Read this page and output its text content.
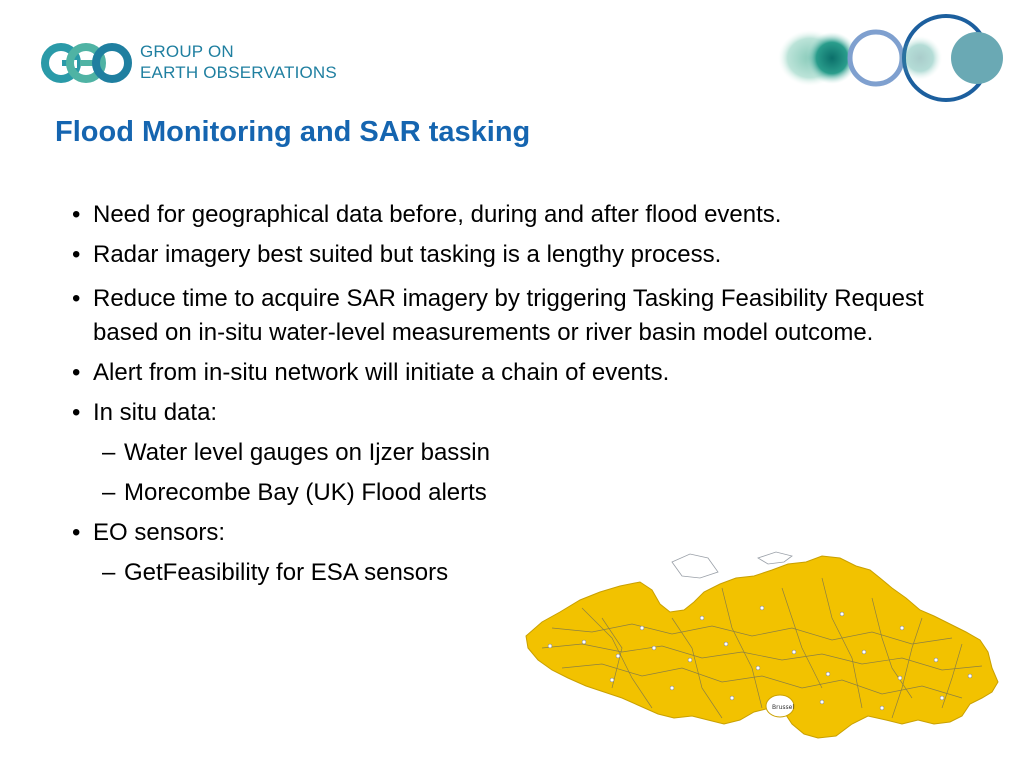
GROUP ON
EARTH OBSERVATIONS
Flood Monitoring and SAR tasking
• Need for geographical data before, during and after flood events.
• Radar imagery best suited but tasking is a lengthy process.
• Reduce time to acquire SAR imagery by triggering Tasking Feasibility Request based on in-situ water-level measurements or river basin model outcome.
• Alert from in-situ network will initiate a chain of events.
• In situ data:
– Water level gauges on Ijzer bassin
– Morecombe Bay (UK) Flood alerts
• EO sensors:
– GetFeasibility for ESA sensors
Brussel
